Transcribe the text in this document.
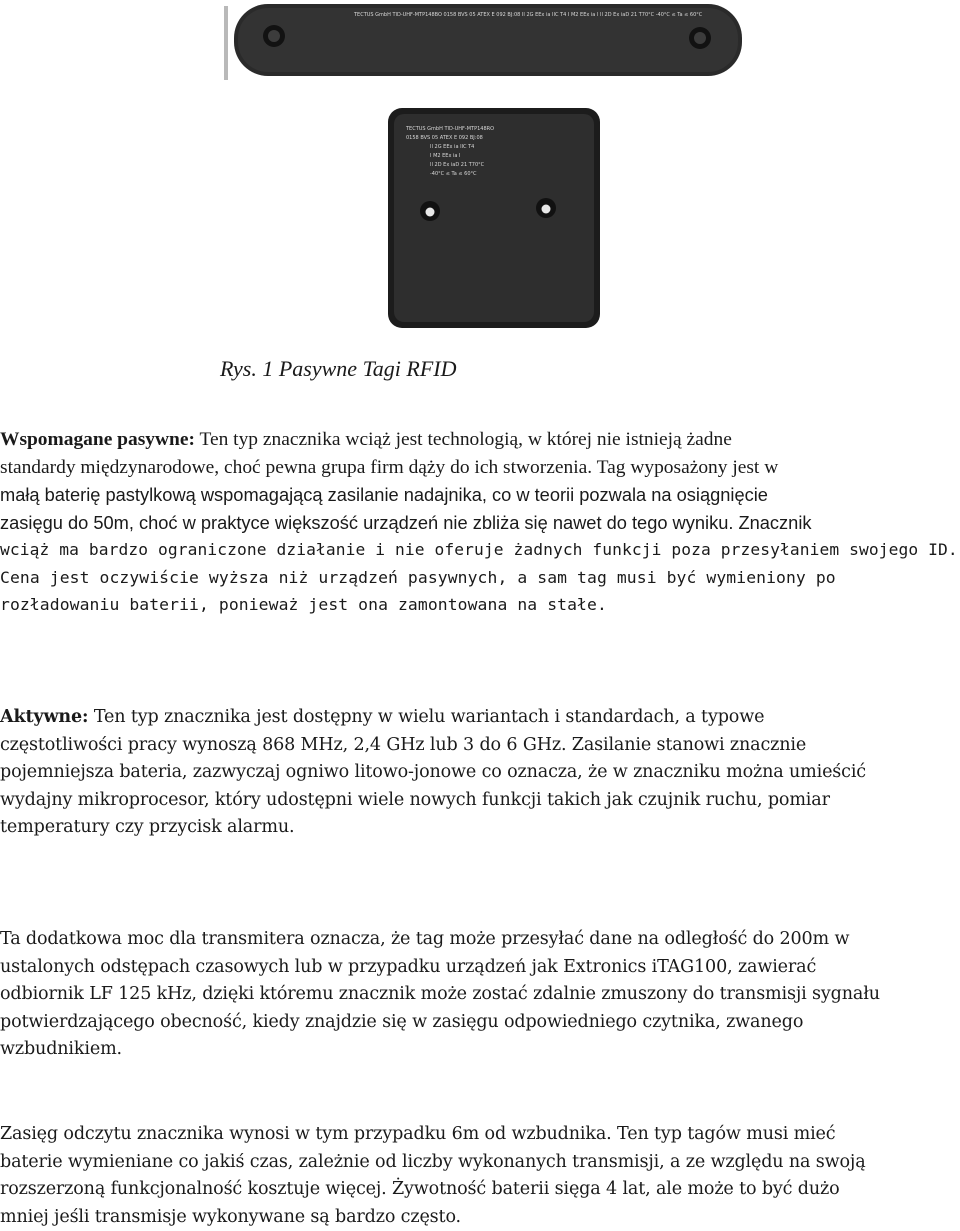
TECTUS GmbH TID-UHF-MTP148BO 0158 BVS 05 ATEX E 092 BJ:08 II 2G EEx ia IIC T4 I M2 EEx ia I II 2D Ex iaD 21 T70°C -40°C ≤ Ta ≤ 60°C
TECTUS GmbH TID-UHF-MTP148RO
0158 BVS 05 ATEX E 092 BJ:08
II 2G EEx ia IIC T4
I M2 EEx ia I
II 2D Ex iaD 21 T70°C
-40°C ≤ Ta ≤ 60°C
Rys. 1 Pasywne Tagi RFID
Wspomagane pasywne: Ten typ znacznika wciąż jest technologią, w której nie istnieją żadne
standardy międzynarodowe, choć pewna grupa firm dąży do ich stworzenia. Tag wyposażony jest w
małą baterię pastylkową wspomagającą zasilanie nadajnika, co w teorii pozwala na osiągnięcie
zasięgu do 50m, choć w praktyce większość urządzeń nie zbliża się nawet do tego wyniku. Znacznik
wciąż ma bardzo ograniczone działanie i nie oferuje żadnych funkcji poza przesyłaniem swojego ID.
Cena jest oczywiście wyższa niż urządzeń pasywnych, a sam tag musi być wymieniony po
rozładowaniu baterii, ponieważ jest ona zamontowana na stałe.
Aktywne: Ten typ znacznika jest dostępny w wielu wariantach i standardach, a typowe
częstotliwości pracy wynoszą 868 MHz, 2,4 GHz lub 3 do 6 GHz. Zasilanie stanowi znacznie
pojemniejsza bateria, zazwyczaj ogniwo litowo-jonowe co oznacza, że w znaczniku można umieścić
wydajny mikroprocesor, który udostępni wiele nowych funkcji takich jak czujnik ruchu, pomiar
temperatury czy przycisk alarmu.
Ta dodatkowa moc dla transmitera oznacza, że tag może przesyłać dane na odległość do 200m w
ustalonych odstępach czasowych lub w przypadku urządzeń jak Extronics iTAG100, zawierać
odbiornik LF 125 kHz, dzięki któremu znacznik może zostać zdalnie zmuszony do transmisji sygnału
potwierdzającego obecność, kiedy znajdzie się w zasięgu odpowiedniego czytnika, zwanego
wzbudnikiem.
Zasięg odczytu znacznika wynosi w tym przypadku 6m od wzbudnika. Ten typ tagów musi mieć
baterie wymieniane co jakiś czas, zależnie od liczby wykonanych transmisji, a ze względu na swoją
rozszerzoną funkcjonalność kosztuje więcej. Żywotność baterii sięga 4 lat, ale może to być dużo
mniej jeśli transmisje wykonywane są bardzo często.
